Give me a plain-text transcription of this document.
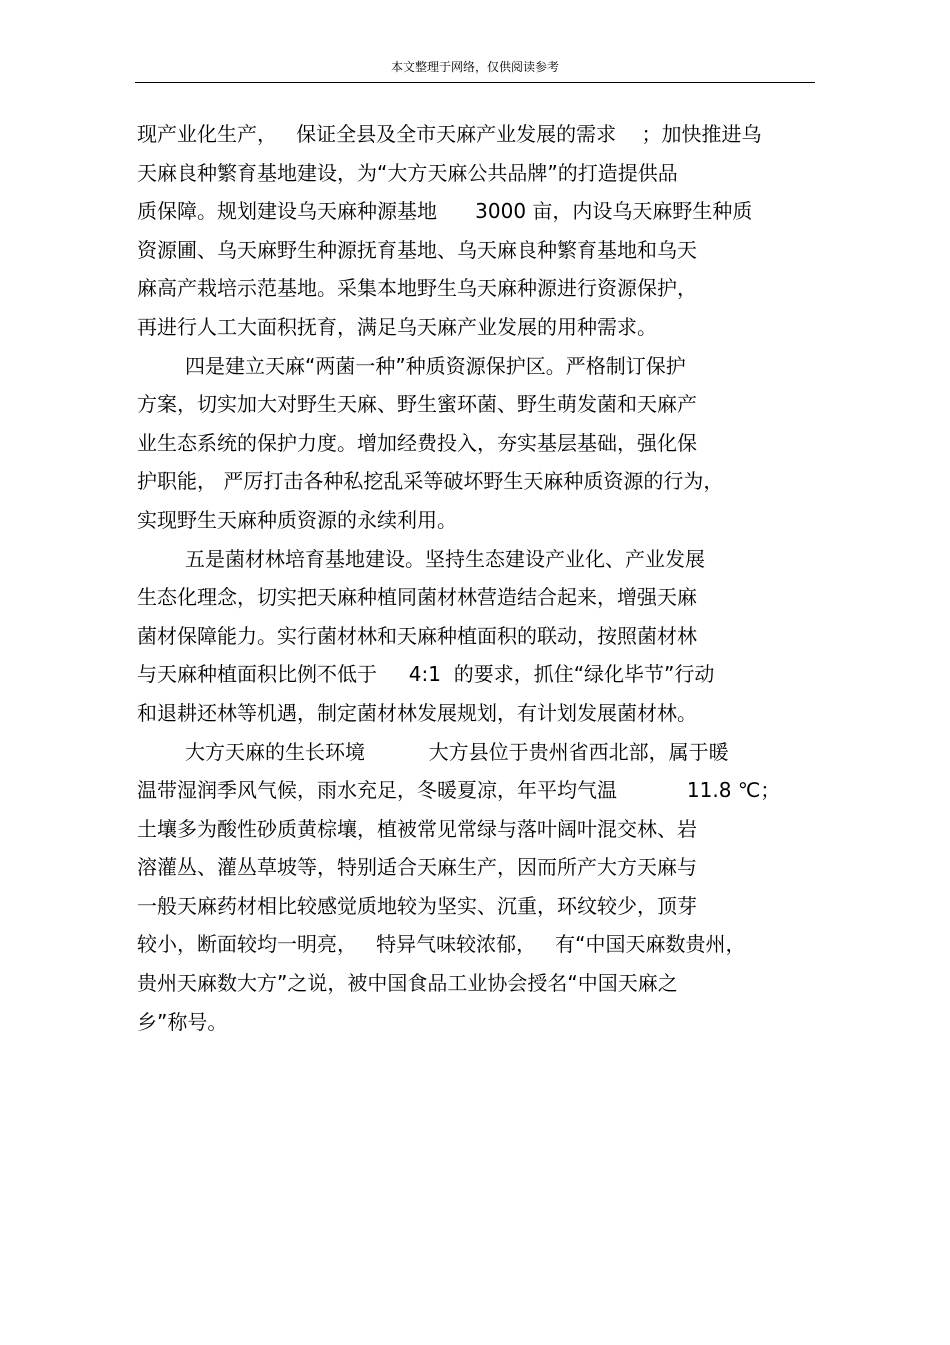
本文整理于网络，仅供阅读参考
现产业化生产，   保证全县及全市天麻产业发展的需求    ；加快推进乌
天麻良种繁育基地建设，为“大方天麻公共品牌”的打造提供品
质保障。规划建设乌天麻种源基地      3000 亩，内设乌天麻野生种质
资源圃、乌天麻野生种源抚育基地、乌天麻良种繁育基地和乌天
麻高产栽培示范基地。采集本地野生乌天麻种源进行资源保护，
再进行人工大面积抚育，满足乌天麻产业发展的用种需求。
四是建立天麻“两菌一种”种质资源保护区。严格制订保护
方案，切实加大对野生天麻、野生蜜环菌、野生萌发菌和天麻产
业生态系统的保护力度。增加经费投入，夯实基层基础，强化保
护职能， 严厉打击各种私挖乱采等破坏野生天麻种质资源的行为，
实现野生天麻种质资源的永续利用。
五是菌材林培育基地建设。坚持生态建设产业化、产业发展
生态化理念，切实把天麻种植同菌材林营造结合起来，增强天麻
菌材保障能力。实行菌材林和天麻种植面积的联动，按照菌材林
与天麻种植面积比例不低于     4:1  的要求，抓住“绿化毕节”行动
和退耕还林等机遇，制定菌材林发展规划，有计划发展菌材林。
大方天麻的生长环境          大方县位于贵州省西北部，属于暖
温带湿润季风气候，雨水充足，冬暖夏凉，年平均气温           11.8 ℃；
土壤多为酸性砂质黄棕壤，植被常见常绿与落叶阔叶混交林、岩
溶灌丛、灌丛草坡等，特别适合天麻生产，因而所产大方天麻与
一般天麻药材相比较感觉质地较为坚实、沉重，环纹较少，顶芽
较小，断面较均一明亮，   特异气味较浓郁，   有“中国天麻数贵州，
贵州天麻数大方”之说，被中国食品工业协会授名“中国天麻之
乡”称号。
